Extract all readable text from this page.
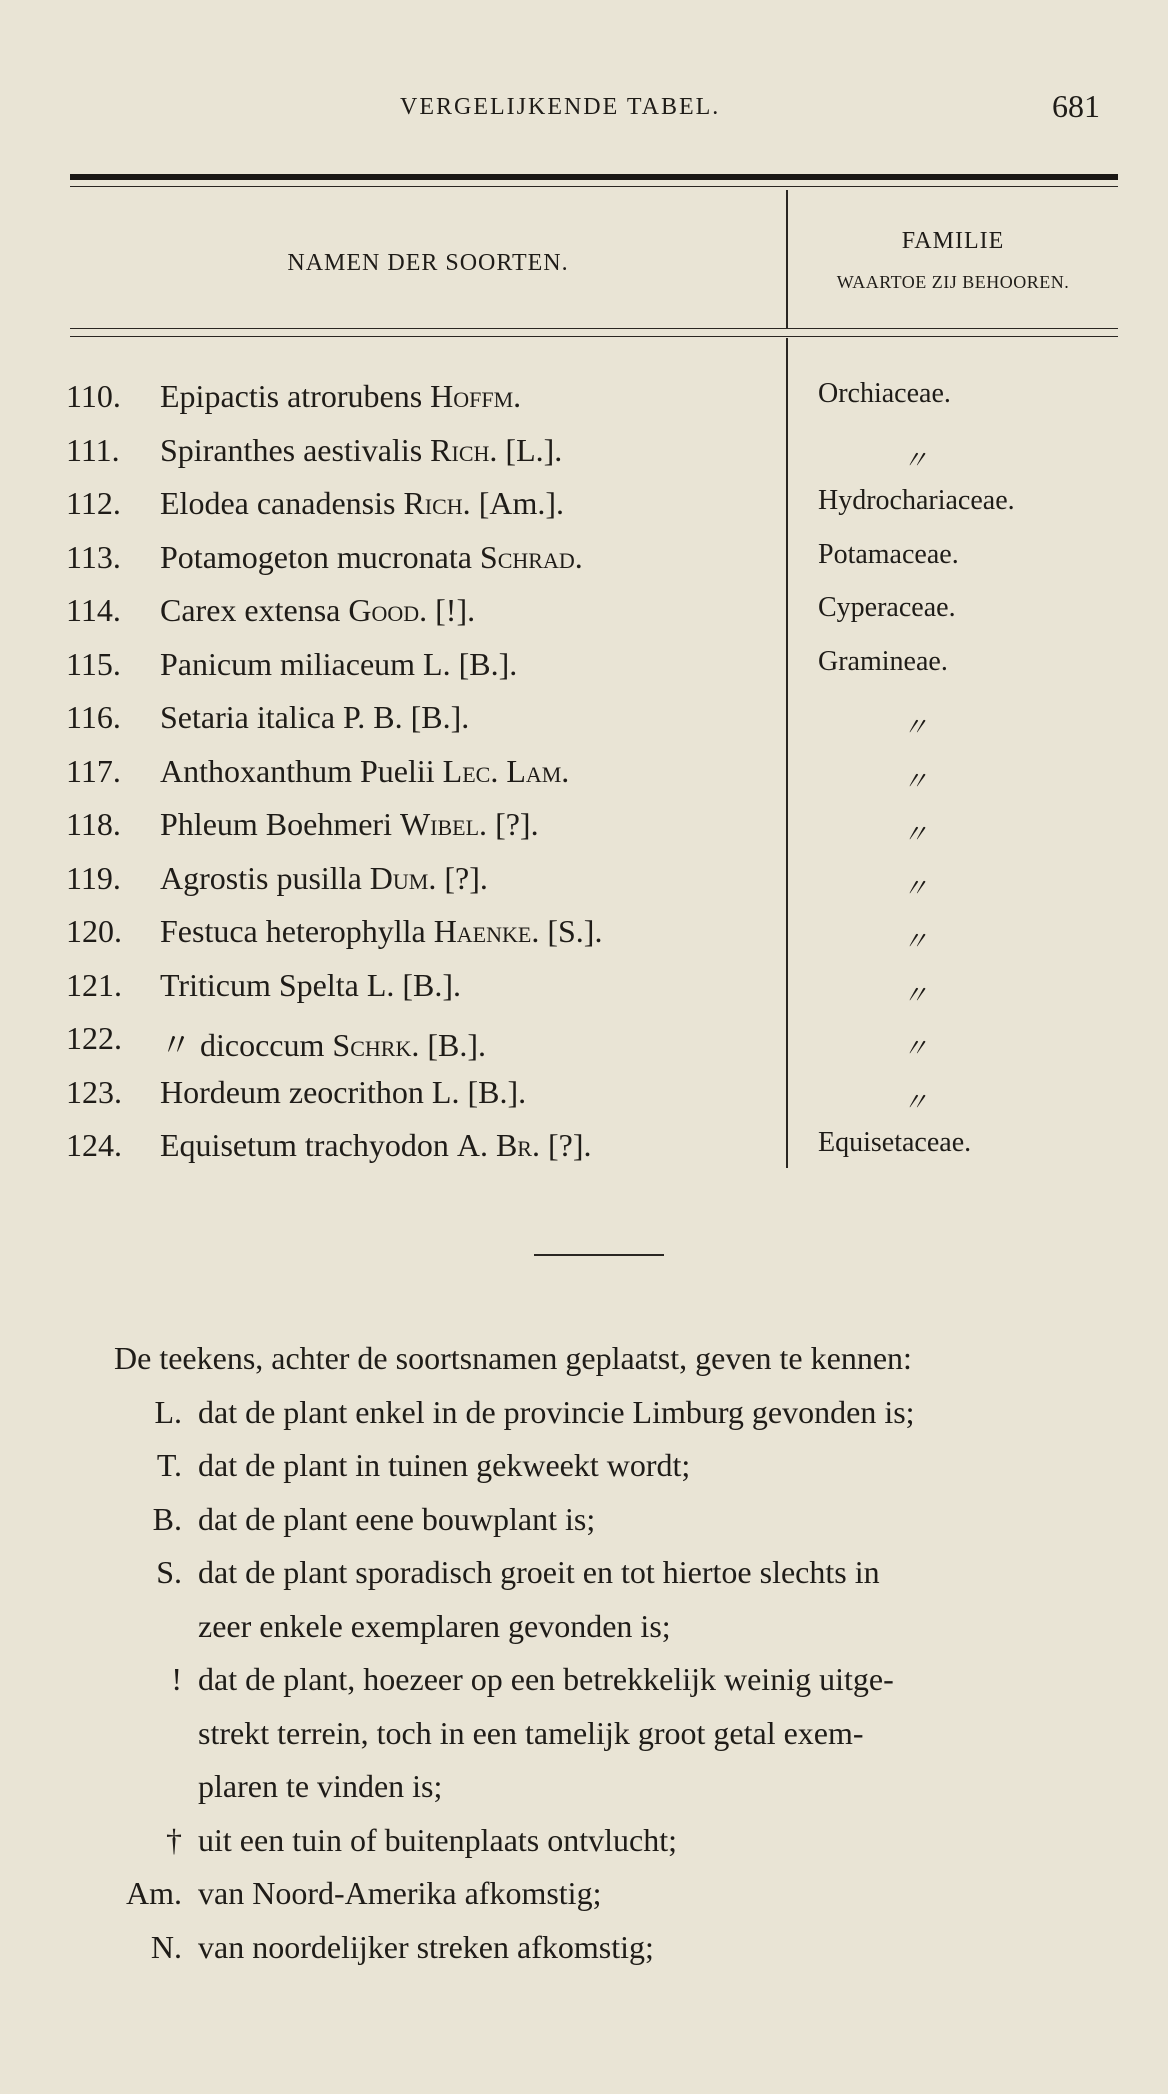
VERGELIJKENDE TABEL.	681
NAMEN DER SOORTEN.
FAMILIE
WAARTOE ZIJ BEHOOREN.
110. Epipactis atrorubens Hoffm.	Orchiaceae.
111. Spiranthes aestivalis Rich. [L.].	〃
112. Elodea canadensis Rich. [Am.].	Hydrochariaceae.
113. Potamogeton mucronata Schrad.	Potamaceae.
114. Carex extensa Good. [!].	Cyperaceae.
115. Panicum miliaceum L. [B.].	Gramineae.
116. Setaria italica P. B. [B.].	〃
117. Anthoxanthum Puelii Lec. Lam.	〃
118. Phleum Boehmeri Wibel. [?].	〃
119. Agrostis pusilla Dum. [?].	〃
120. Festuca heterophylla Haenke. [S.].	〃
121. Triticum Spelta L. [B.].	〃
122. 〃 dicoccum Schrk. [B.].	〃
123. Hordeum zeocrithon L. [B.].	〃
124. Equisetum trachyodon A. Br. [?].	Equisetaceae.
De teekens, achter de soortsnamen geplaatst, geven te kennen:
L. dat de plant enkel in de provincie Limburg gevonden is;
T. dat de plant in tuinen gekweekt wordt;
B. dat de plant eene bouwplant is;
S. dat de plant sporadisch groeit en tot hiertoe slechts in
zeer enkele exemplaren gevonden is;
! dat de plant, hoezeer op een betrekkelijk weinig uitge-
strekt terrein, toch in een tamelijk groot getal exem-
plaren te vinden is;
† uit een tuin of buitenplaats ontvlucht;
Am. van Noord-Amerika afkomstig;
N. van noordelijker streken afkomstig;
